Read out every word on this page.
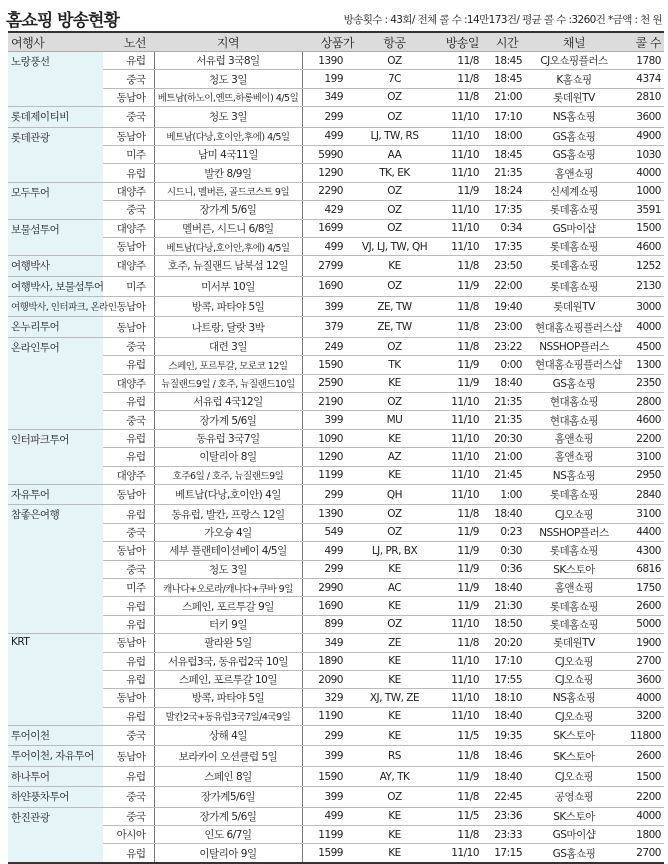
홈쇼핑 방송현황	방송횟수 : 43회/ 전체 콜 수 :14만173건/ 평균 콜 수 :3260건 *금액 : 천 원
여행사	노선	지역	상품가	항공	방송일	시간	채널	콜 수
노랑풍선	유럽	서유럽 3국8일	1390	OZ	11/8	18:45	CJ오쇼핑플러스	1780
	중국	청도 3일	199	7C	11/8	18:45	K홈쇼핑	4374
	동남아	베트남(하노이,옌뜨,하롱베이) 4/5일	349	OZ	11/8	21:00	롯데원TV	2810
롯데제이티비	중국	청도 3일	299	OZ	11/10	17:10	NS홈쇼핑	3600
롯데관광	동남아	베트남(다낭,호이안,후에) 4/5일	499	LJ, TW, RS	11/10	18:00	GS홈쇼핑	4900
	미주	남미 4국11일	5990	AA	11/10	18:45	GS홈쇼핑	1030
	유럽	발칸 8/9일	1290	TK, EK	11/10	21:35	홈앤쇼핑	4000
모두투어	대양주	시드니, 멜버른, 골드코스트 9일	2290	OZ	11/9	18:24	신세계쇼핑	1000
	중국	장가계 5/6일	429	OZ	11/10	17:35	롯데홈쇼핑	3591
보물섬투어	대양주	멜버른, 시드니 6/8일	1699	OZ	11/10	0:34	GS마이샵	1500
	동남아	베트남(다낭,호이안,후에) 4/5일	499	VJ, LJ, TW, QH	11/10	17:35	롯데홈쇼핑	4600
여행박사	대양주	호주, 뉴질랜드 남북섬 12일	2799	KE	11/8	23:50	롯데홈쇼핑	1252
여행박사, 보물섬투어	미주	미서부 10일	1690	OZ	11/9	22:00	롯데홈쇼핑	2130
여행박사, 인터파크, 온라인	동남아	방콕, 파타야 5일	399	ZE, TW	11/8	19:40	롯데원TV	3000
온누리투어	동남아	나트랑, 달랏 3박	379	ZE, TW	11/8	23:00	현대홈쇼핑플러스샵	4000
온라인투어	중국	대련 3일	249	OZ	11/8	23:22	NSSHOP플러스	4500
	유럽	스페인, 포르투갈, 모로코 12일	1590	TK	11/9	0:00	현대홈쇼핑플러스샵	1300
	대양주	뉴질랜드9일 / 호주, 뉴질랜드10일	2590	KE	11/9	18:40	GS홈쇼핑	2350
	유럽	서유럽 4국12일	2190	OZ	11/10	21:35	현대홈쇼핑	2800
	중국	장가계 5/6일	399	MU	11/10	21:35	현대홈쇼핑	4600
인터파크투어	유럽	동유럽 3국7일	1090	KE	11/10	20:30	홈앤쇼핑	2200
	유럽	이탈리아 8일	1290	AZ	11/10	21:00	홈앤쇼핑	3100
	대양주	호주6일 / 호주, 뉴질랜드9일	1199	KE	11/10	21:45	NS홈쇼핑	2950
자유투어	동남아	베트남(다낭,호이안) 4일	299	QH	11/10	1:00	롯데홈쇼핑	2840
참좋은여행	유럽	동유럽, 발칸, 프랑스 12일	1390	OZ	11/8	18:40	CJ오쇼핑	3100
	중국	가오슝 4일	549	OZ	11/9	0:23	NSSHOP플러스	4400
	동남아	세부 플랜테이션베이 4/5일	499	LJ, PR, BX	11/9	0:30	롯데홈쇼핑	4300
	중국	청도 3일	299	KE	11/9	0:36	SK스토아	6816
	미주	캐나다+오로라/캐나다+쿠바 9일	2990	AC	11/9	18:40	홈앤쇼핑	1750
	유럽	스페인, 포르투갈 9일	1690	KE	11/9	21:30	롯데홈쇼핑	2600
	유럽	터키 9일	899	OZ	11/10	18:50	롯데홈쇼핑	5000
KRT	동남아	팔라완 5일	349	ZE	11/8	20:20	롯데원TV	1900
	유럽	서유럽3국, 동유럽2국 10일	1890	KE	11/10	17:10	CJ오쇼핑	2700
	유럽	스페인, 포르투갈 10일	2090	KE	11/10	17:55	CJ오쇼핑	3600
	동남아	방콕, 파타야 5일	329	XJ, TW, ZE	11/10	18:10	NS홈쇼핑	4000
	유럽	발칸2국+동유럽3국7일/4국9일	1190	KE	11/10	18:40	CJ오쇼핑	3200
투어이천	중국	상해 4일	299	KE	11/5	19:35	SK스토아	11800
투어이천, 자유투어	동남아	보라카이 오션클럽 5일	399	RS	11/8	18:46	SK스토아	2600
하나투어	유럽	스페인 8일	1590	AY, TK	11/9	18:40	CJ오쇼핑	1500
하얀풍차투어	중국	장가계5/6일	399	OZ	11/8	22:45	공영쇼핑	2200
한진관광	중국	장가계 5/6일	499	KE	11/5	23:36	SK스토아	4000
	아시아	인도 6/7일	1199	KE	11/8	23:33	GS마이샵	1800
	유럽	이탈리아 9일	1599	KE	11/10	17:15	GS홈쇼핑	2700
